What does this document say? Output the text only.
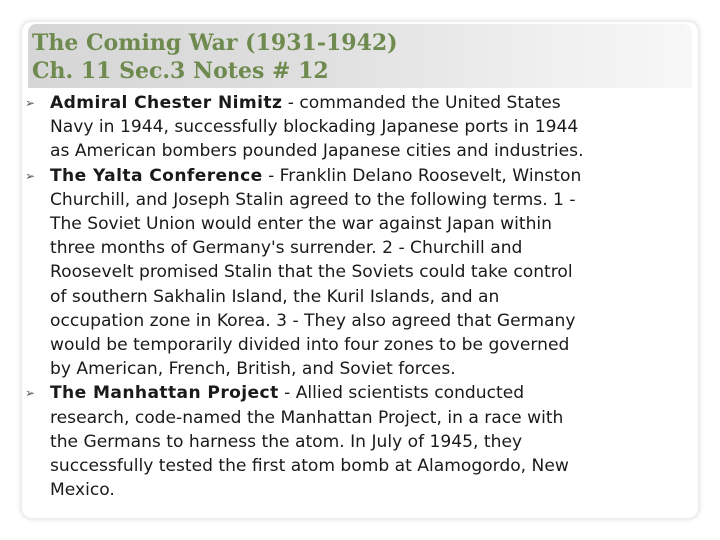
The Coming War (1931-1942)
Ch. 11 Sec.3 Notes # 12
➢ Admiral Chester Nimitz - commanded the United States
Navy in 1944, successfully blockading Japanese ports in 1944
as American bombers pounded Japanese cities and industries.
➢ The Yalta Conference - Franklin Delano Roosevelt, Winston
Churchill, and Joseph Stalin agreed to the following terms. 1 -
The Soviet Union would enter the war against Japan within
three months of Germany's surrender. 2 - Churchill and
Roosevelt promised Stalin that the Soviets could take control
of southern Sakhalin Island, the Kuril Islands, and an
occupation zone in Korea. 3 - They also agreed that Germany
would be temporarily divided into four zones to be governed
by American, French, British, and Soviet forces.
➢ The Manhattan Project - Allied scientists conducted
research, code-named the Manhattan Project, in a race with
the Germans to harness the atom. In July of 1945, they
successfully tested the first atom bomb at Alamogordo, New
Mexico.
